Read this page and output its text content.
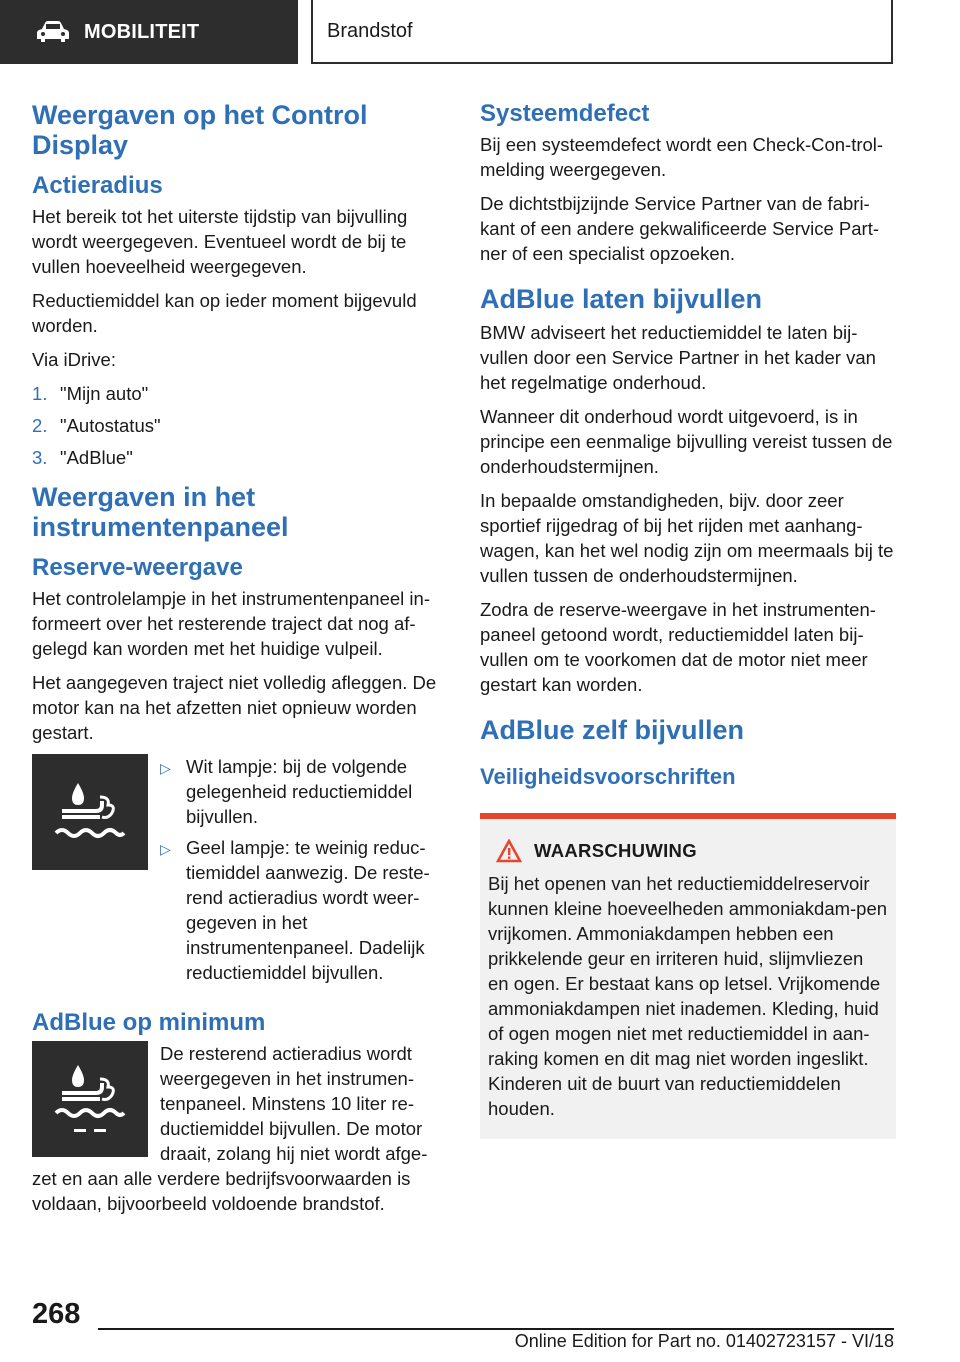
MOBILITEIT	Brandstof
Weergaven op het Control Display
Actieradius

Het bereik tot het uiterste tijdstip van bijvulling wordt weergegeven. Eventueel wordt de bij te vullen hoeveelheid weergegeven.

Reductiemiddel kan op ieder moment bijgevuld worden.

Via iDrive:

1. "Mijn auto"
2. "Autostatus"
3. "AdBlue"
Weergaven in het instrumentenpaneel
Reserve-weergave

Het controlelampje in het instrumentenpaneel in-formeert over het resterende traject dat nog af-gelegd kan worden met het huidige vulpeil.

Het aangegeven traject niet volledig afleggen. De motor kan na het afzetten niet opnieuw worden gestart.

▷ Wit lampje: bij de volgende gelegenheid reductiemiddel bijvullen.
▷ Geel lampje: te weinig reduc-tiemiddel aanwezig. De reste-rend actieradius wordt weer-gegeven in het instrumentenpaneel. Dadelijk reductiemiddel bijvullen.
AdBlue op minimum

De resterend actieradius wordt weergegeven in het instrumen-tenpaneel. Minstens 10 liter re-ductiemiddel bijvullen. De motor draait, zolang hij niet wordt afge-zet en aan alle verdere bedrijfsvoorwaarden is voldaan, bijvoorbeeld voldoende brandstof.

Systeemdefect

Bij een systeemdefect wordt een Check-Con-trol-melding weergegeven.

De dichtstbijzijnde Service Partner van de fabri-kant of een andere gekwalificeerde Service Part-ner of een specialist opzoeken.

AdBlue laten bijvullen

BMW adviseert het reductiemiddel te laten bij-vullen door een Service Partner in het kader van het regelmatige onderhoud.

Wanneer dit onderhoud wordt uitgevoerd, is in principe een eenmalige bijvulling vereist tussen de onderhoudstermijnen.

In bepaalde omstandigheden, bijv. door zeer sportief rijgedrag of bij het rijden met aanhang-wagen, kan het wel nodig zijn om meermaals bij te vullen tussen de onderhoudstermijnen.

Zodra de reserve-weergave in het instrumenten-paneel getoond wordt, reductiemiddel laten bij-vullen om te voorkomen dat de motor niet meer gestart kan worden.

AdBlue zelf bijvullen
Veiligheidsvoorschriften
WAARSCHUWING

Bij het openen van het reductiemiddelreservoir kunnen kleine hoeveelheden ammoniakdam-pen vrijkomen. Ammoniakdampen hebben een prikkelende geur en irriteren huid, slijmvliezen en ogen. Er bestaat kans op letsel. Vrijkomende ammoniakdampen niet inademen. Kleding, huid of ogen mogen niet met reductiemiddel in aan-raking komen en dit mag niet worden ingeslikt. Kinderen uit de buurt van reductiemiddelen houden.

268
Online Edition for Part no. 01402723157 - VI/18
